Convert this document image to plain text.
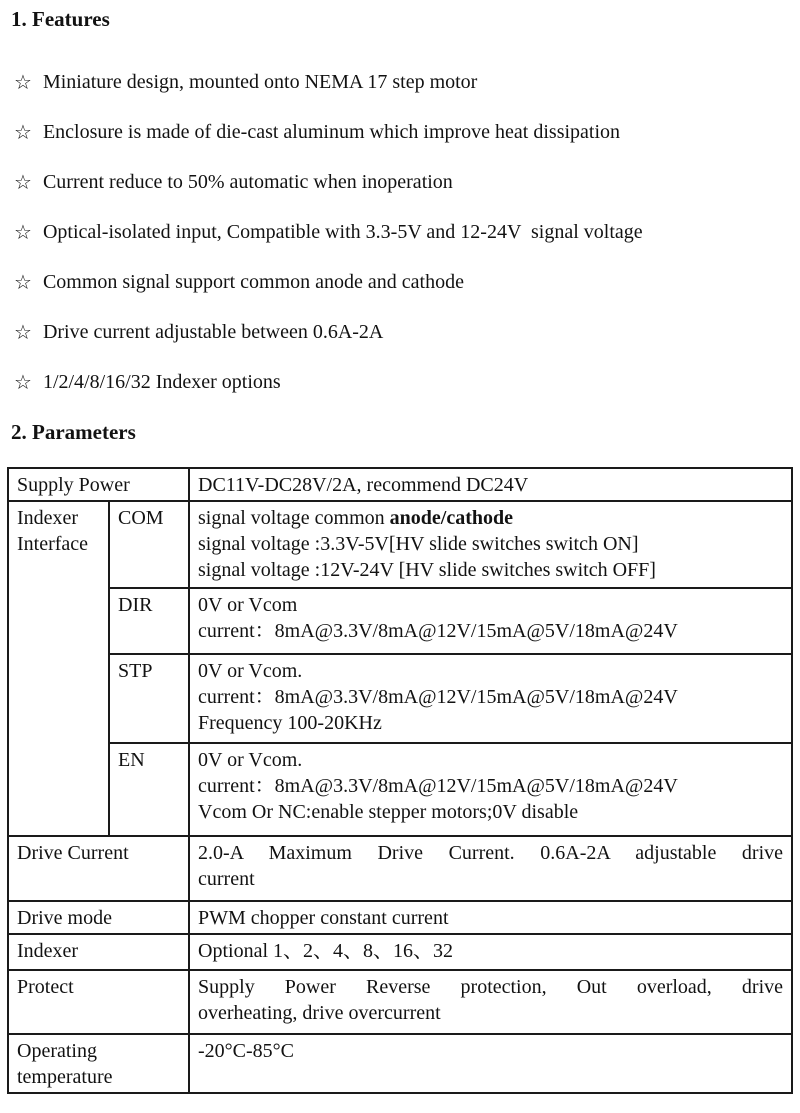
1. Features
☆ Miniature design, mounted onto NEMA 17 step motor
☆ Enclosure is made of die-cast aluminum which improve heat dissipation
☆ Current reduce to 50% automatic when inoperation
☆ Optical-isolated input, Compatible with 3.3-5V and 12-24V  signal voltage
☆ Common signal support common anode and cathode
☆ Drive current adjustable between 0.6A-2A
☆ 1/2/4/8/16/32 Indexer options
2. Parameters
Supply Power		DC11V-DC28V/2A, recommend DC24V
Indexer Interface	COM	signal voltage common anode/cathode
signal voltage :3.3V-5V[HV slide switches switch ON]
signal voltage :12V-24V [HV slide switches switch OFF]

	DIR	0V or Vcom
current：8mA@3.3V/8mA@12V/15mA@5V/18mA@24V

	STP	0V or Vcom.
current：8mA@3.3V/8mA@12V/15mA@5V/18mA@24V
Frequency 100-20KHz

	EN	0V or Vcom.
current：8mA@3.3V/8mA@12V/15mA@5V/18mA@24V
Vcom Or NC:enable stepper motors;0V disable

Drive Current		2.0-A Maximum Drive Current. 0.6A-2A adjustable drive
current

Drive mode		PWM chopper constant current
Indexer		Optional 1、2、4、8、16、32
Protect		Supply Power Reverse protection, Out overload, drive
overheating, drive overcurrent

Operating temperature		-20°C-85°C
